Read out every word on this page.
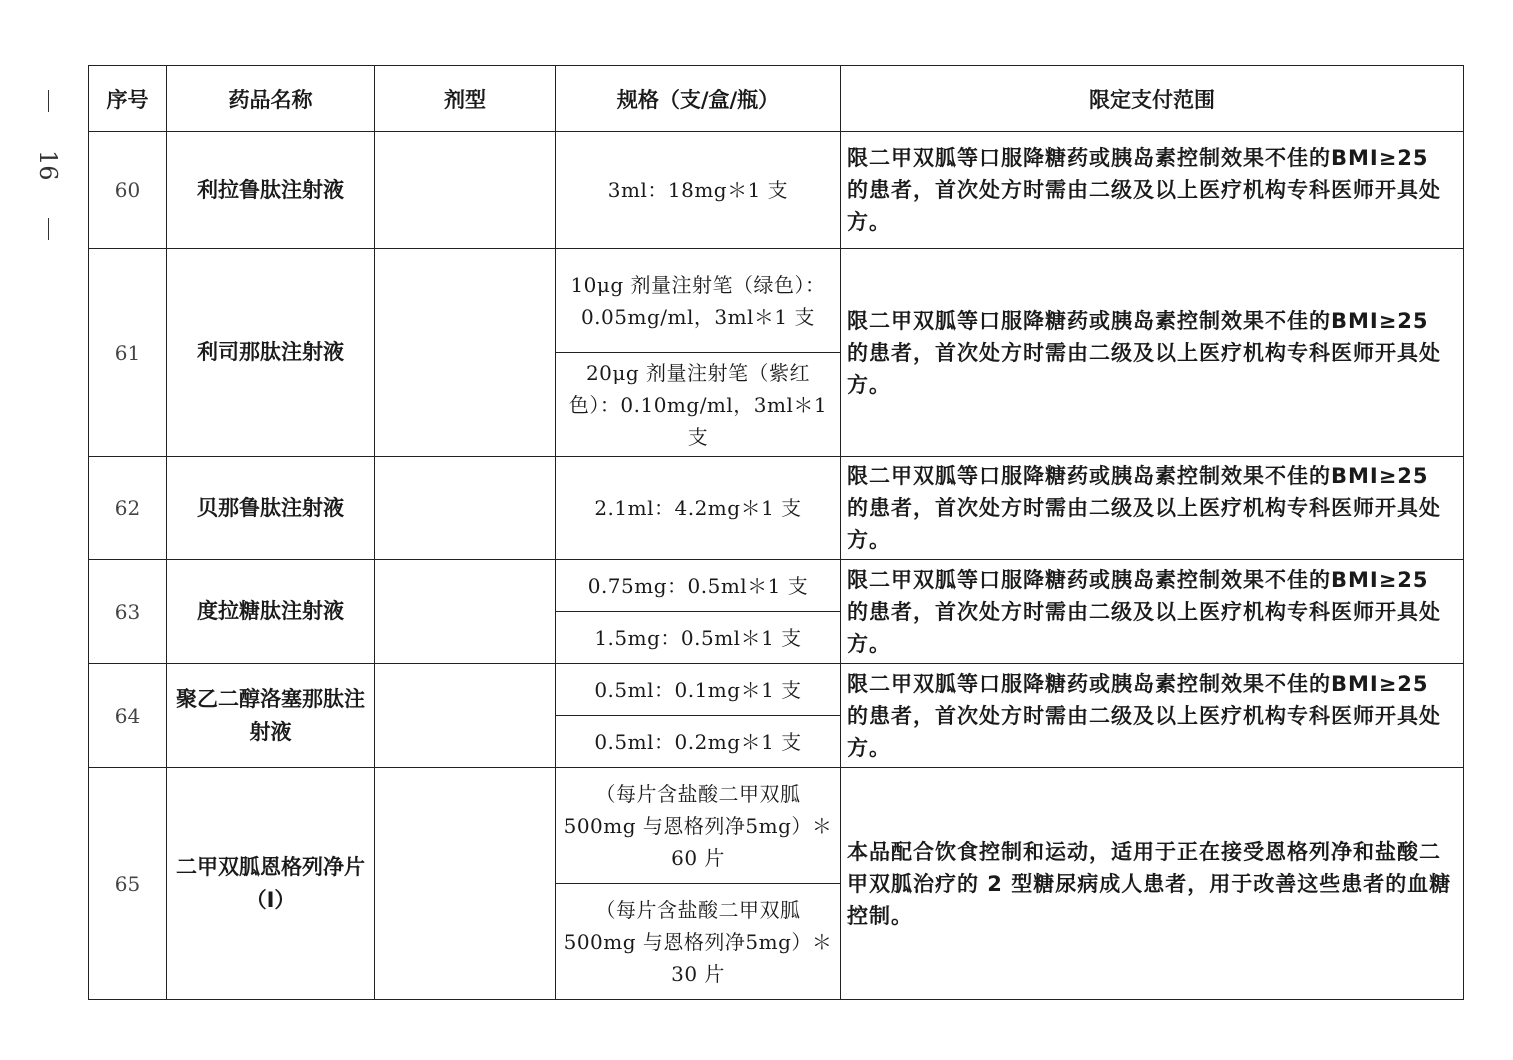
16
序号	药品名称	剂型	规格（支/盒/瓶）	限定支付范围
60	利拉鲁肽注射液		3ml：18mg＊1 支	限二甲双胍等口服降糖药或胰岛素控制效果不佳的BMI≥25 的患者，首次处方时需由二级及以上医疗机构专科医师开具处方。
61	利司那肽注射液		10μg 剂量注射笔（绿色）：0.05mg/ml，3ml＊1 支	限二甲双胍等口服降糖药或胰岛素控制效果不佳的BMI≥25 的患者，首次处方时需由二级及以上医疗机构专科医师开具处方。
			20μg 剂量注射笔（紫红色）：0.10mg/ml，3ml＊1 支	
62	贝那鲁肽注射液		2.1ml：4.2mg＊1 支	限二甲双胍等口服降糖药或胰岛素控制效果不佳的BMI≥25 的患者，首次处方时需由二级及以上医疗机构专科医师开具处方。
63	度拉糖肽注射液		0.75mg：0.5ml＊1 支	限二甲双胍等口服降糖药或胰岛素控制效果不佳的BMI≥25 的患者，首次处方时需由二级及以上医疗机构专科医师开具处方。
			1.5mg：0.5ml＊1 支	
64	聚乙二醇洛塞那肽注射液		0.5ml：0.1mg＊1 支	限二甲双胍等口服降糖药或胰岛素控制效果不佳的BMI≥25 的患者，首次处方时需由二级及以上医疗机构专科医师开具处方。
			0.5ml：0.2mg＊1 支	
65	二甲双胍恩格列净片（Ⅰ）		（每片含盐酸二甲双胍500mg 与恩格列净5mg）＊60 片	本品配合饮食控制和运动，适用于正在接受恩格列净和盐酸二甲双胍治疗的 2 型糖尿病成人患者，用于改善这些患者的血糖控制。
			（每片含盐酸二甲双胍500mg 与恩格列净5mg）＊30 片	
